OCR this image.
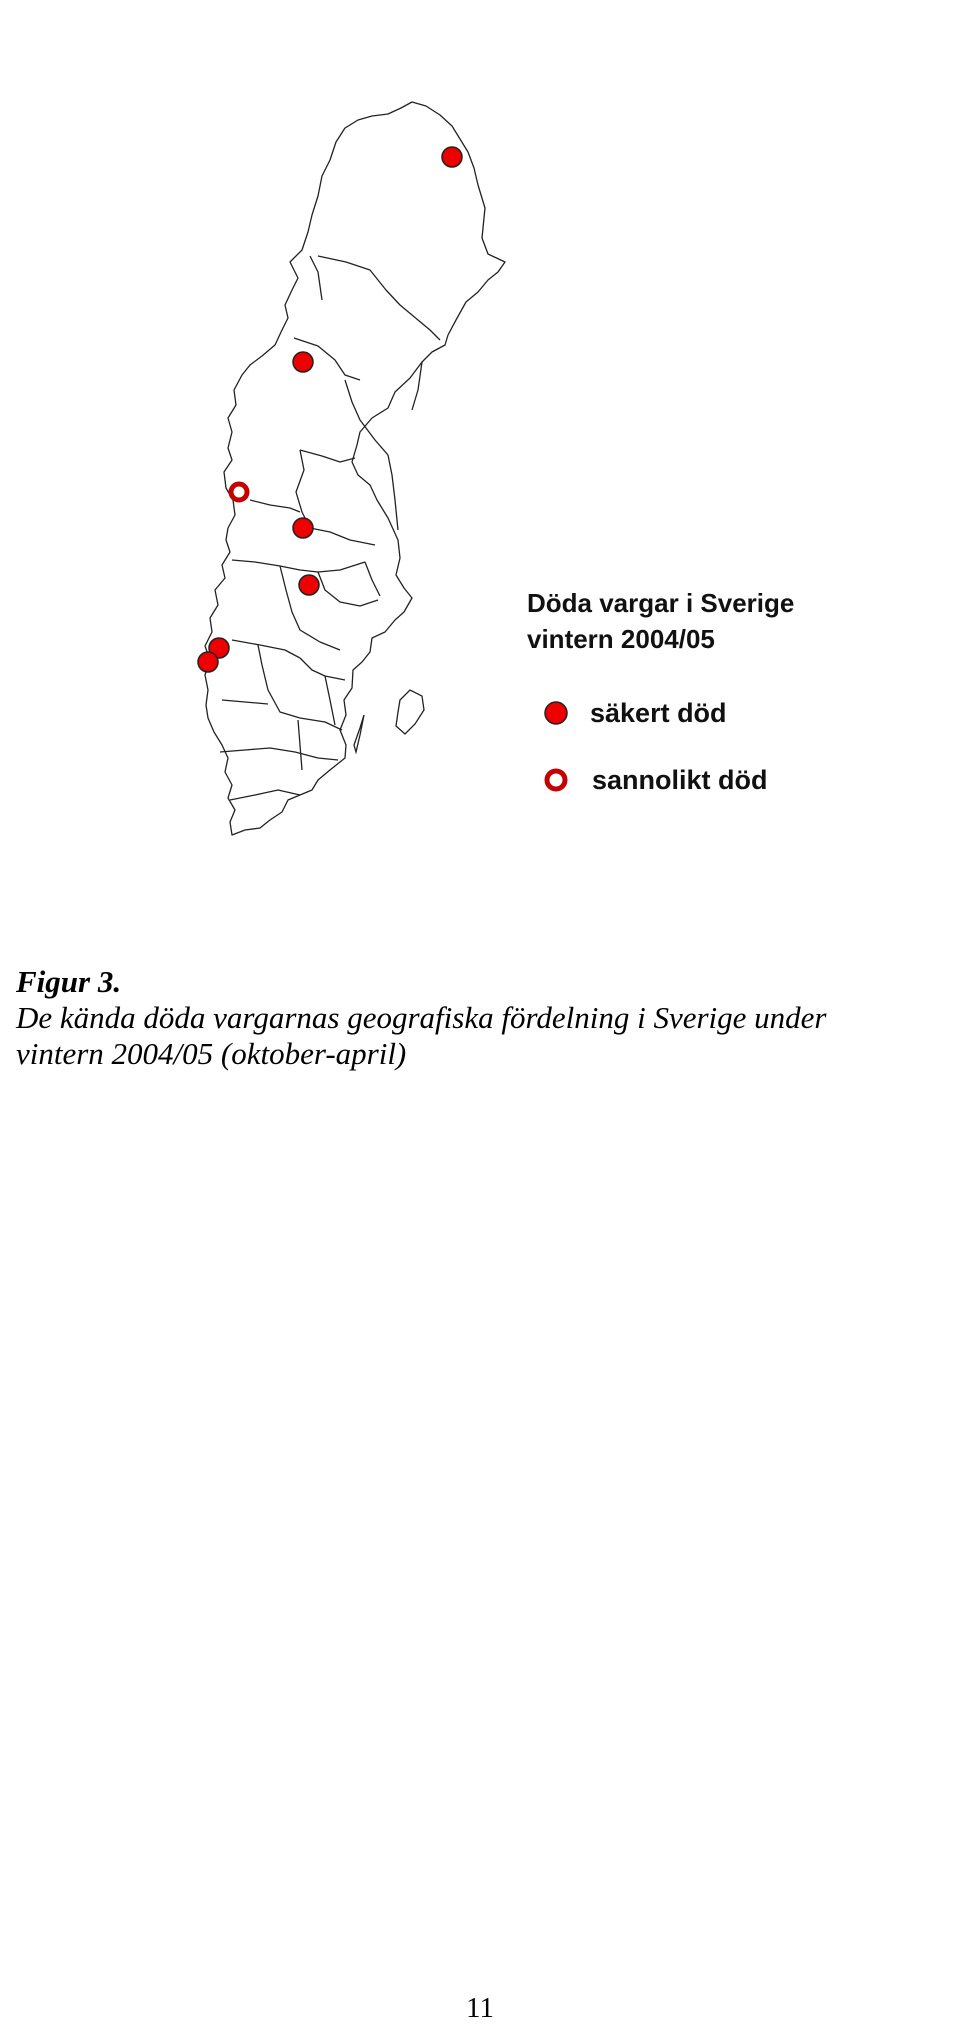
Döda vargar i Sverige
vintern 2004/05
säkert död
sannolikt död
Figur 3.
De kända döda vargarnas geografiska fördelning i Sverige under
vintern 2004/05 (oktober-april)
11
